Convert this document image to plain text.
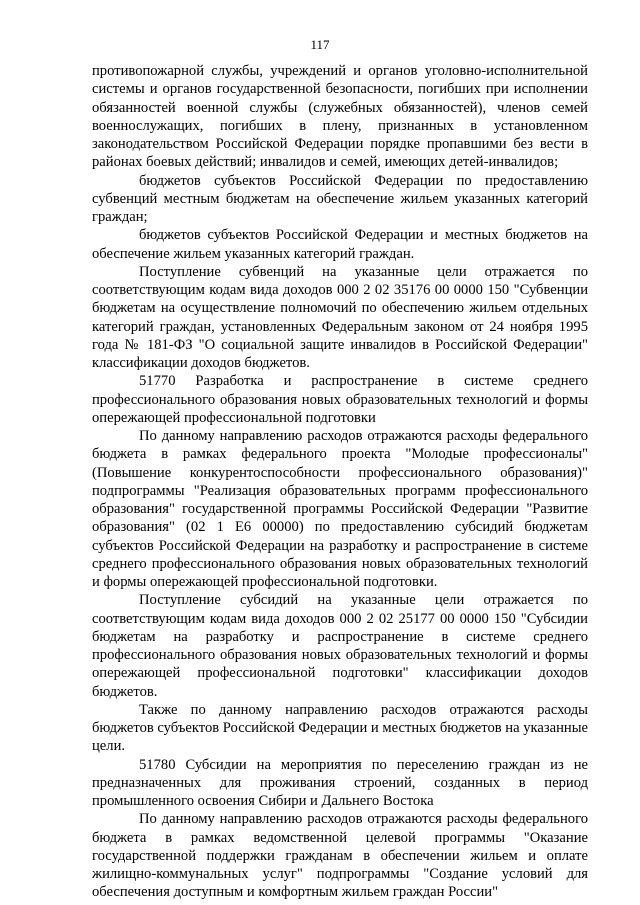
117

противопожарной службы, учреждений и органов уголовно-исполнительной системы и органов государственной безопасности, погибших при исполнении обязанностей военной службы (служебных обязанностей), членов семей военнослужащих, погибших в плену, признанных в установленном законодательством Российской Федерации порядке пропавшими без вести в районах боевых действий; инвалидов и семей, имеющих детей-инвалидов;

бюджетов субъектов Российской Федерации по предоставлению субвенций местным бюджетам на обеспечение жильем указанных категорий граждан;

бюджетов субъектов Российской Федерации и местных бюджетов на обеспечение жильем указанных категорий граждан.

Поступление субвенций на указанные цели отражается по соответствующим кодам вида доходов 000 2 02 35176 00 0000 150 "Субвенции бюджетам на осуществление полномочий по обеспечению жильем отдельных категорий граждан, установленных Федеральным законом от 24 ноября 1995 года № 181-ФЗ "О социальной защите инвалидов в Российской Федерации" классификации доходов бюджетов.

51770 Разработка и распространение в системе среднего профессионального образования новых образовательных технологий и формы опережающей профессиональной подготовки

По данному направлению расходов отражаются расходы федерального бюджета в рамках федерального проекта "Молодые профессионалы" (Повышение конкурентоспособности профессионального образования)" подпрограммы "Реализация образовательных программ профессионального образования" государственной программы Российской Федерации "Развитие образования" (02 1 Е6 00000) по предоставлению субсидий бюджетам субъектов Российской Федерации на разработку и распространение в системе среднего профессионального образования новых образовательных технологий и формы опережающей профессиональной подготовки.

Поступление субсидий на указанные цели отражается по соответствующим кодам вида доходов 000 2 02 25177 00 0000 150 "Субсидии бюджетам на разработку и распространение в системе среднего профессионального образования новых образовательных технологий и формы опережающей профессиональной подготовки" классификации доходов бюджетов.

Также по данному направлению расходов отражаются расходы бюджетов субъектов Российской Федерации и местных бюджетов на указанные цели.

51780 Субсидии на мероприятия по переселению граждан из не предназначенных для проживания строений, созданных в период промышленного освоения Сибири и Дальнего Востока

По данному направлению расходов отражаются расходы федерального бюджета в рамках ведомственной целевой программы "Оказание государственной поддержки гражданам в обеспечении жильем и оплате жилищно-коммунальных услуг" подпрограммы "Создание условий для обеспечения доступным и комфортным жильем граждан России"
